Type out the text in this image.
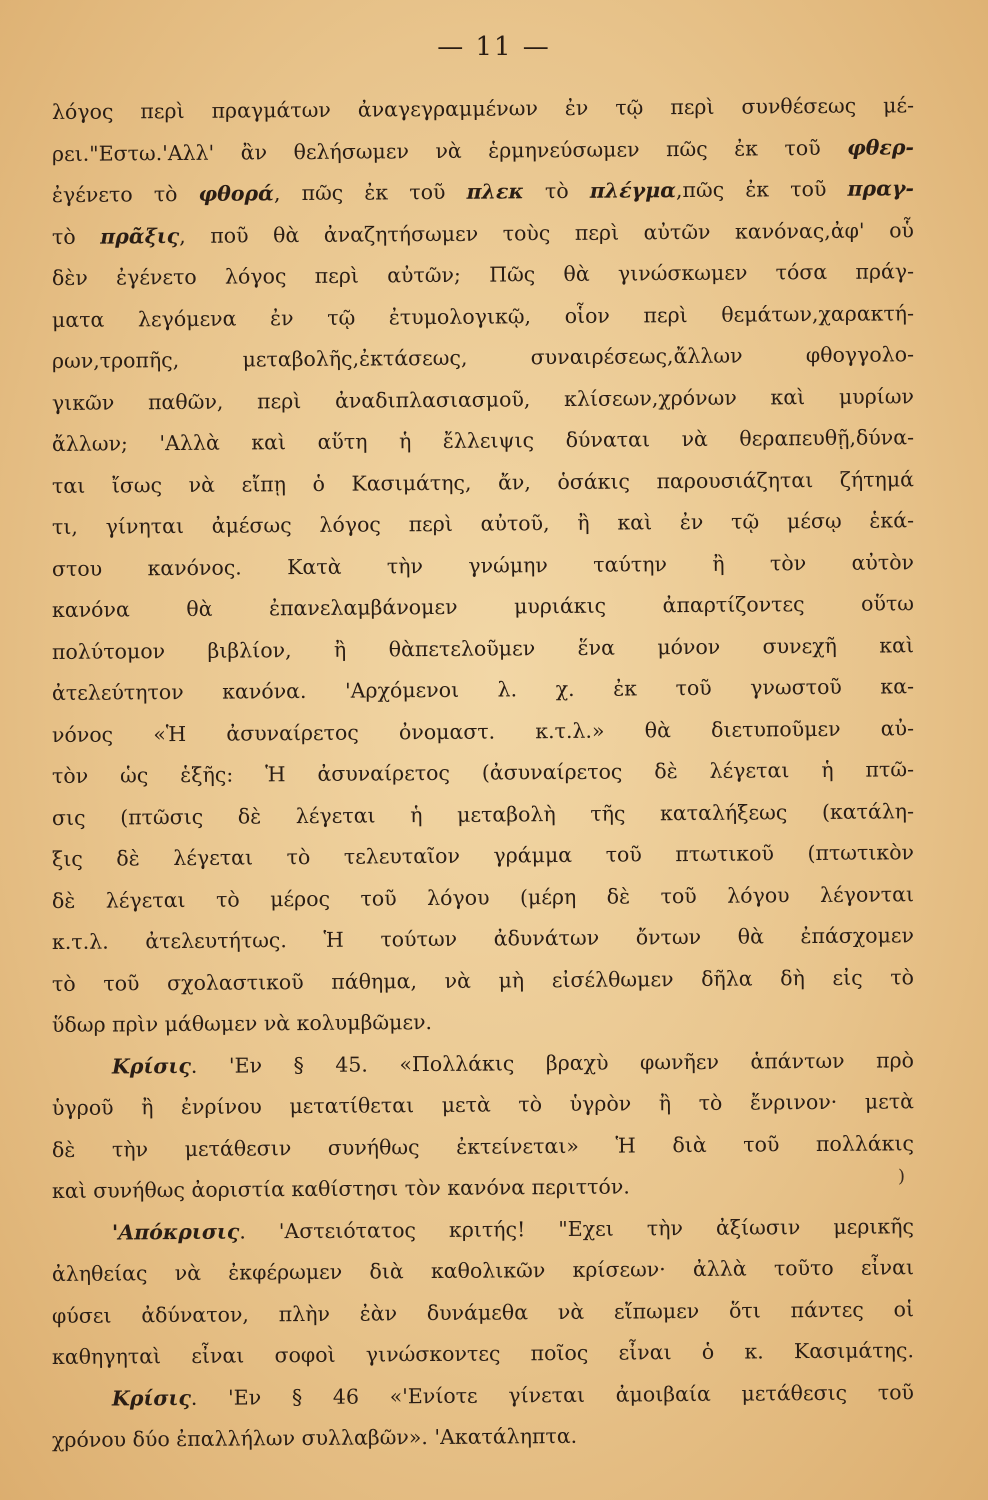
— 11 —
λόγος περὶ πραγμάτων ἀναγεγραμμένων ἐν τῷ περὶ συνθέσεως μέ-
ρει."Εστω.'Αλλ' ἂν θελήσωμεν νὰ ἑρμηνεύσωμεν πῶς ἐκ τοῦ φθερ-
ἐγένετο τὸ φθορά, πῶς ἐκ τοῦ πλεκ τὸ πλέγμα,πῶς ἐκ τοῦ πραγ-
τὸ πρᾶξις, ποῦ θὰ ἀναζητήσωμεν τοὺς περὶ αὐτῶν κανόνας,ἀφ' οὗ
δὲν ἐγένετο λόγος περὶ αὐτῶν; Πῶς θὰ γινώσκωμεν τόσα πράγ-
ματα λεγόμενα ἐν τῷ ἐτυμολογικῷ, οἷον περὶ θεμάτων,χαρακτή-
ρων,τροπῆς, μεταβολῆς,ἐκτάσεως, συναιρέσεως,ἄλλων φθογγολο-
γικῶν παθῶν, περὶ ἀναδιπλασιασμοῦ, κλίσεων,χρόνων καὶ μυρίων
ἄλλων; 'Αλλὰ καὶ αὕτη ἡ ἔλλειψις δύναται νὰ θεραπευθῇ,δύνα-
ται ἴσως νὰ εἴπῃ ὁ Κασιμάτης, ἄν, ὁσάκις παρουσιάζηται ζήτημά
τι, γίνηται ἀμέσως λόγος περὶ αὐτοῦ, ἢ καὶ ἐν τῷ μέσῳ ἑκά-
στου κανόνος. Κατὰ τὴν γνώμην ταύτην ἢ τὸν αὐτὸν
κανόνα θὰ ἐπανελαμβάνομεν μυριάκις ἀπαρτίζοντες οὕτω
πολύτομον βιβλίον, ἢ θὰπετελοῦμεν ἕνα μόνον συνεχῆ καὶ
ἀτελεύτητον κανόνα. 'Αρχόμενοι λ. χ. ἐκ τοῦ γνωστοῦ κα-
νόνος «Ἡ ἀσυναίρετος ὀνομαστ. κ.τ.λ.» θὰ διετυποῦμεν αὐ-
τὸν ὡς ἑξῆς: Ἡ ἀσυναίρετος (ἀσυναίρετος δὲ λέγεται ἡ πτῶ-
σις (πτῶσις δὲ λέγεται ἡ μεταβολὴ τῆς καταλήξεως (κατάλη-
ξις δὲ λέγεται τὸ τελευταῖον γράμμα τοῦ πτωτικοῦ (πτωτικὸν
δὲ λέγεται τὸ μέρος τοῦ λόγου (μέρη δὲ τοῦ λόγου λέγονται
κ.τ.λ. ἀτελευτήτως. Ἡ τούτων ἀδυνάτων ὄντων θὰ ἐπάσχομεν
τὸ τοῦ σχολαστικοῦ πάθημα, νὰ μὴ εἰσέλθωμεν δῆλα δὴ εἰς τὸ
ὕδωρ πρὶν μάθωμεν νὰ κολυμβῶμεν.
Κρίσις. 'Εν § 45. «Πολλάκις βραχὺ φωνῆεν ἁπάντων πρὸ
ὑγροῦ ἢ ἐνρίνου μετατίθεται μετὰ τὸ ὑγρὸν ἢ τὸ ἔνρινον· μετὰ
δὲ τὴν μετάθεσιν συνήθως ἐκτείνεται» Ἡ διὰ τοῦ πολλάκις
καὶ συνήθως ἀοριστία καθίστησι τὸν κανόνα περιττόν.
'Απόκρισις. 'Αστειότατος κριτής! "Εχει τὴν ἀξίωσιν μερικῆς
ἀληθείας νὰ ἐκφέρωμεν διὰ καθολικῶν κρίσεων· ἀλλὰ τοῦτο εἶναι
φύσει ἀδύνατον, πλὴν ἐὰν δυνάμεθα νὰ εἴπωμεν ὅτι πάντες οἱ
καθηγηταὶ εἶναι σοφοὶ γινώσκοντες ποῖος εἶναι ὁ κ. Κασιμάτης.
Κρίσις. 'Εν § 46 «'Ενίοτε γίνεται ἀμοιβαία μετάθεσις τοῦ
χρόνου δύο ἐπαλλήλων συλλαβῶν». 'Ακατάληπτα.
)
